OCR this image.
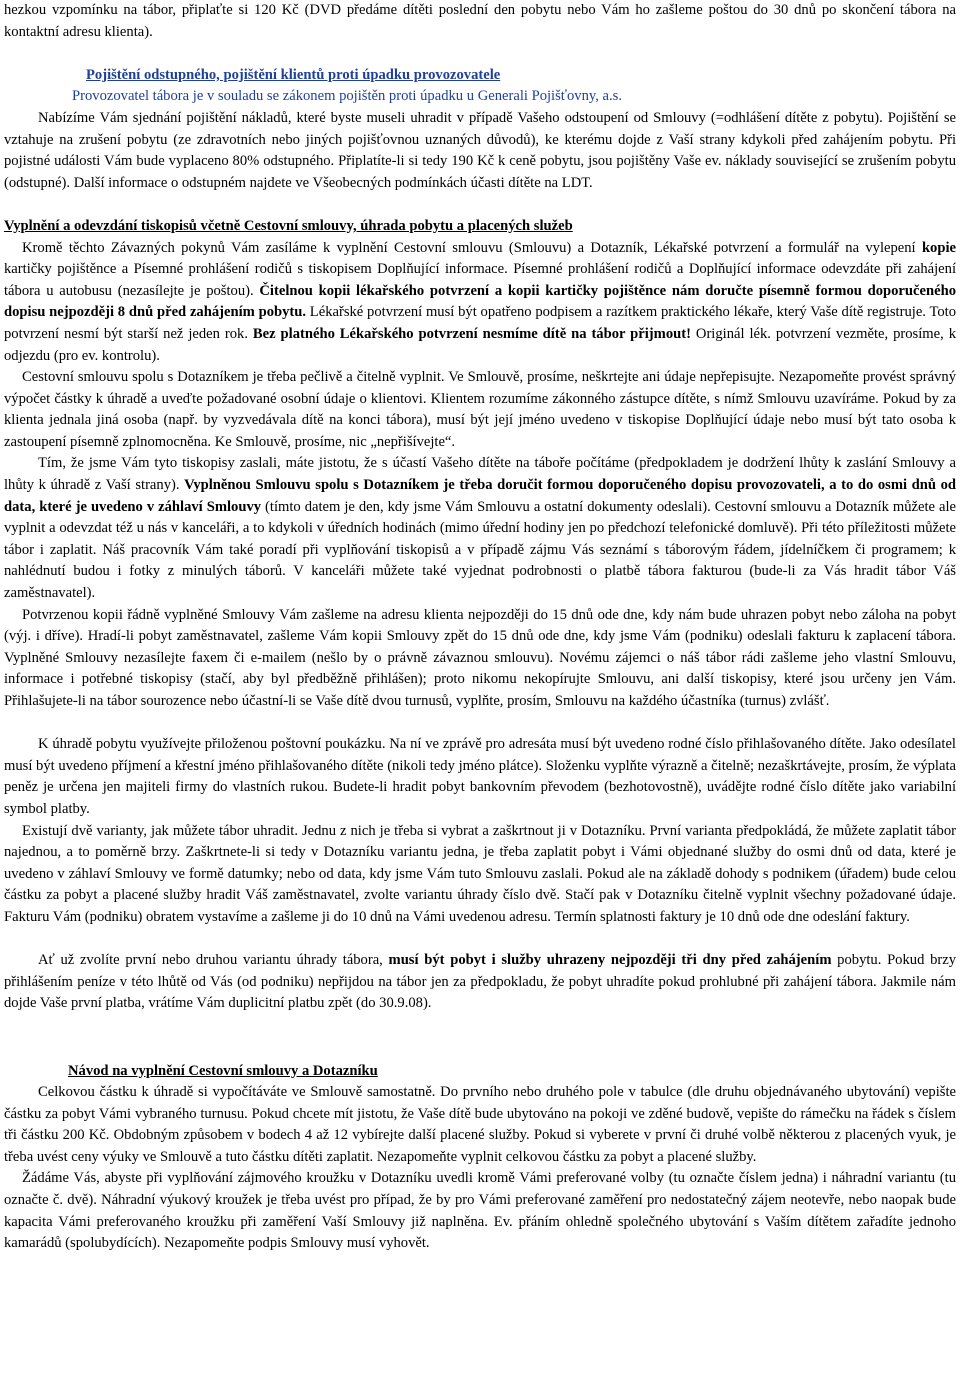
hezkou vzpomínku na tábor, připlaťte si 120 Kč (DVD předáme dítěti poslední den pobytu nebo Vám ho zašleme poštou do 30 dnů po skončení tábora na kontaktní adresu klienta).

Pojištění odstupného, pojištění klientů proti úpadku provozovatele
Provozovatel tábora je v souladu se zákonem pojištěn proti úpadku u Generali Pojišťovny, a.s.

Nabízíme Vám sjednání pojištění nákladů, které byste museli uhradit v případě Vašeho odstoupení od Smlouvy (=odhlášení dítěte z pobytu). Pojištění se vztahuje na zrušení pobytu (ze zdravotních nebo jiných pojišťovnou uznaných důvodů), ke kterému dojde z Vaší strany kdykoli před zahájením pobytu. Při pojistné události Vám bude vyplaceno 80% odstupného. Připlatíte-li si tedy 190 Kč k ceně pobytu, jsou pojištěny Vaše ev. náklady související se zrušením pobytu (odstupné). Další informace o odstupném najdete ve Všeobecných podmínkách účasti dítěte na LDT.

Vyplnění a odevzdání tiskopisů včetně Cestovní smlouvy, úhrada pobytu a placených služeb

Kromě těchto Závazných pokynů Vám zasíláme k vyplnění Cestovní smlouvu (Smlouvu) a Dotazník, Lékařské potvrzení a formulář na vylepení kopie kartičky pojištěnce a Písemné prohlášení rodičů s tiskopisem Doplňující informace. Písemné prohlášení rodičů a Doplňující informace odevzdáte při zahájení tábora u autobusu (nezasílejte je poštou). Čitelnou kopii lékařského potvrzení a kopii kartičky pojištěnce nám doručte písemně formou doporučeného dopisu nejpozději 8 dnů před zahájením pobytu. Lékařské potvrzení musí být opatřeno podpisem a razítkem praktického lékaře, který Vaše dítě registruje. Toto potvrzení nesmí být starší než jeden rok. Bez platného Lékařského potvrzení nesmíme dítě na tábor přijmout! Originál lék. potvrzení vezměte, prosíme, k odjezdu (pro ev. kontrolu).

Cestovní smlouvu spolu s Dotazníkem je třeba pečlivě a čitelně vyplnit. Ve Smlouvě, prosíme, neškrtejte ani údaje nepřepisujte. Nezapomeňte provést správný výpočet částky k úhradě a uveďte požadované osobní údaje o klientovi. Klientem rozumíme zákonného zástupce dítěte, s nímž Smlouvu uzavíráme. Pokud by za klienta jednala jiná osoba (např. by vyzvedávala dítě na konci tábora), musí být její jméno uvedeno v tiskopise Doplňující údaje nebo musí být tato osoba k zastoupení písemně zplnomocněna. Ke Smlouvě, prosíme, nic „nepřišívejte“.

Tím, že jsme Vám tyto tiskopisy zaslali, máte jistotu, že s účastí Vašeho dítěte na táboře počítáme (předpokladem je dodržení lhůty k zaslání Smlouvy a lhůty k úhradě z Vaší strany). Vyplněnou Smlouvu spolu s Dotazníkem je třeba doručit formou doporučeného dopisu provozovateli, a to do osmi dnů od data, které je uvedeno v záhlaví Smlouvy (tímto datem je den, kdy jsme Vám Smlouvu a ostatní dokumenty odeslali). Cestovní smlouvu a Dotazník můžete ale vyplnit a odevzdat též u nás v kanceláři, a to kdykoli v úředních hodinách (mimo úřední hodiny jen po předchozí telefonické domluvě). Při této příležitosti můžete tábor i zaplatit. Náš pracovník Vám také poradí při vyplňování tiskopisů a v případě zájmu Vás seznámí s táborovým řádem, jídelníčkem či programem; k nahlédnutí budou i fotky z minulých táborů. V kanceláři můžete také vyjednat podrobnosti o platbě tábora fakturou (bude-li za Vás hradit tábor Váš zaměstnavatel).

Potvrzenou kopii řádně vyplněné Smlouvy Vám zašleme na adresu klienta nejpozději do 15 dnů ode dne, kdy nám bude uhrazen pobyt nebo záloha na pobyt (výj. i dříve). Hradí-li pobyt zaměstnavatel, zašleme Vám kopii Smlouvy zpět do 15 dnů ode dne, kdy jsme Vám (podniku) odeslali fakturu k zaplacení tábora. Vyplněné Smlouvy nezasílejte faxem či e-mailem (nešlo by o právně závaznou smlouvu). Novému zájemci o náš tábor rádi zašleme jeho vlastní Smlouvu, informace i potřebné tiskopisy (stačí, aby byl předběžně přihlášen); proto nikomu nekopírujte Smlouvu, ani další tiskopisy, které jsou určeny jen Vám. Přihlašujete-li na tábor sourozence nebo účastní-li se Vaše dítě dvou turnusů, vyplňte, prosím, Smlouvu na každého účastníka (turnus) zvlášť.

K úhradě pobytu využívejte přiloženou poštovní poukázku. Na ní ve zprávě pro adresáta musí být uvedeno rodné číslo přihlašovaného dítěte. Jako odesílatel musí být uvedeno příjmení a křestní jméno přihlašovaného dítěte (nikoli tedy jméno plátce). Složenku vyplňte výrazně a čitelně; nezaškrtávejte, prosím, že výplata peněz je určena jen majiteli firmy do vlastních rukou. Budete-li hradit pobyt bankovním převodem (bezhotovostně), uvádějte rodné číslo dítěte jako variabilní symbol platby.

Existují dvě varianty, jak můžete tábor uhradit. Jednu z nich je třeba si vybrat a zaškrtnout ji v Dotazníku. První varianta předpokládá, že můžete zaplatit tábor najednou, a to poměrně brzy. Zaškrtnete-li si tedy v Dotazníku variantu jedna, je třeba zaplatit pobyt i Vámi objednané služby do osmi dnů od data, které je uvedeno v záhlaví Smlouvy ve formě datumky; nebo od data, kdy jsme Vám tuto Smlouvu zaslali. Pokud ale na základě dohody s podnikem (úřadem) bude celou částku za pobyt a placené služby hradit Váš zaměstnavatel, zvolte variantu úhrady číslo dvě. Stačí pak v Dotazníku čitelně vyplnit všechny požadované údaje. Fakturu Vám (podniku) obratem vystavíme a zašleme ji do 10 dnů na Vámi uvedenou adresu. Termín splatnosti faktury je 10 dnů ode dne odeslání faktury.

Ať už zvolíte první nebo druhou variantu úhrady tábora, musí být pobyt i služby uhrazeny nejpozději tři dny před zahájením pobytu. Pokud brzy přihlášením peníze v této lhůtě od Vás (od podniku) nepřijdou na tábor jen za předpokladu, že pobyt uhradíte pokud prohlubné při zahájení tábora. Jakmile nám dojde Vaše první platba, vrátíme Vám duplicitní platbu zpět (do 30.9.08).

Návod na vyplnění Cestovní smlouvy a Dotazníku

Celkovou částku k úhradě si vypočítáváte ve Smlouvě samostatně. Do prvního nebo druhého pole v tabulce (dle druhu objednávaného ubytování) vepište částku za pobyt Vámi vybraného turnusu. Pokud chcete mít jistotu, že Vaše dítě bude ubytováno na pokoji ve zděné budově, vepište do rámečku na řádek s číslem tři částku 200 Kč. Obdobným způsobem v bodech 4 až 12 vybírejte další placené služby. Pokud si vyberete v první či druhé volbě některou z placených vyuk, je třeba uvést ceny výuky ve Smlouvě a tuto částku dítěti zaplatit. Nezapomeňte vyplnit celkovou částku za pobyt a placené služby.

Žádáme Vás, abyste při vyplňování zájmového kroužku v Dotazníku uvedli kromě Vámi preferované volby (tu označte číslem jedna) i náhradní variantu (tu označte č. dvě). Náhradní výukový kroužek je třeba uvést pro případ, že by pro Vámi preferované zaměření pro nedostatečný zájem neotevře, nebo naopak bude kapacita Vámi preferovaného kroužku při zaměření Vaší Smlouvy již naplněna. Ev. přáním ohledně společného ubytování s Vaším dítětem zařadíte jednoho kamarádů (spolubydících). Nezapomeňte podpis Smlouvy musí vyhovět.
